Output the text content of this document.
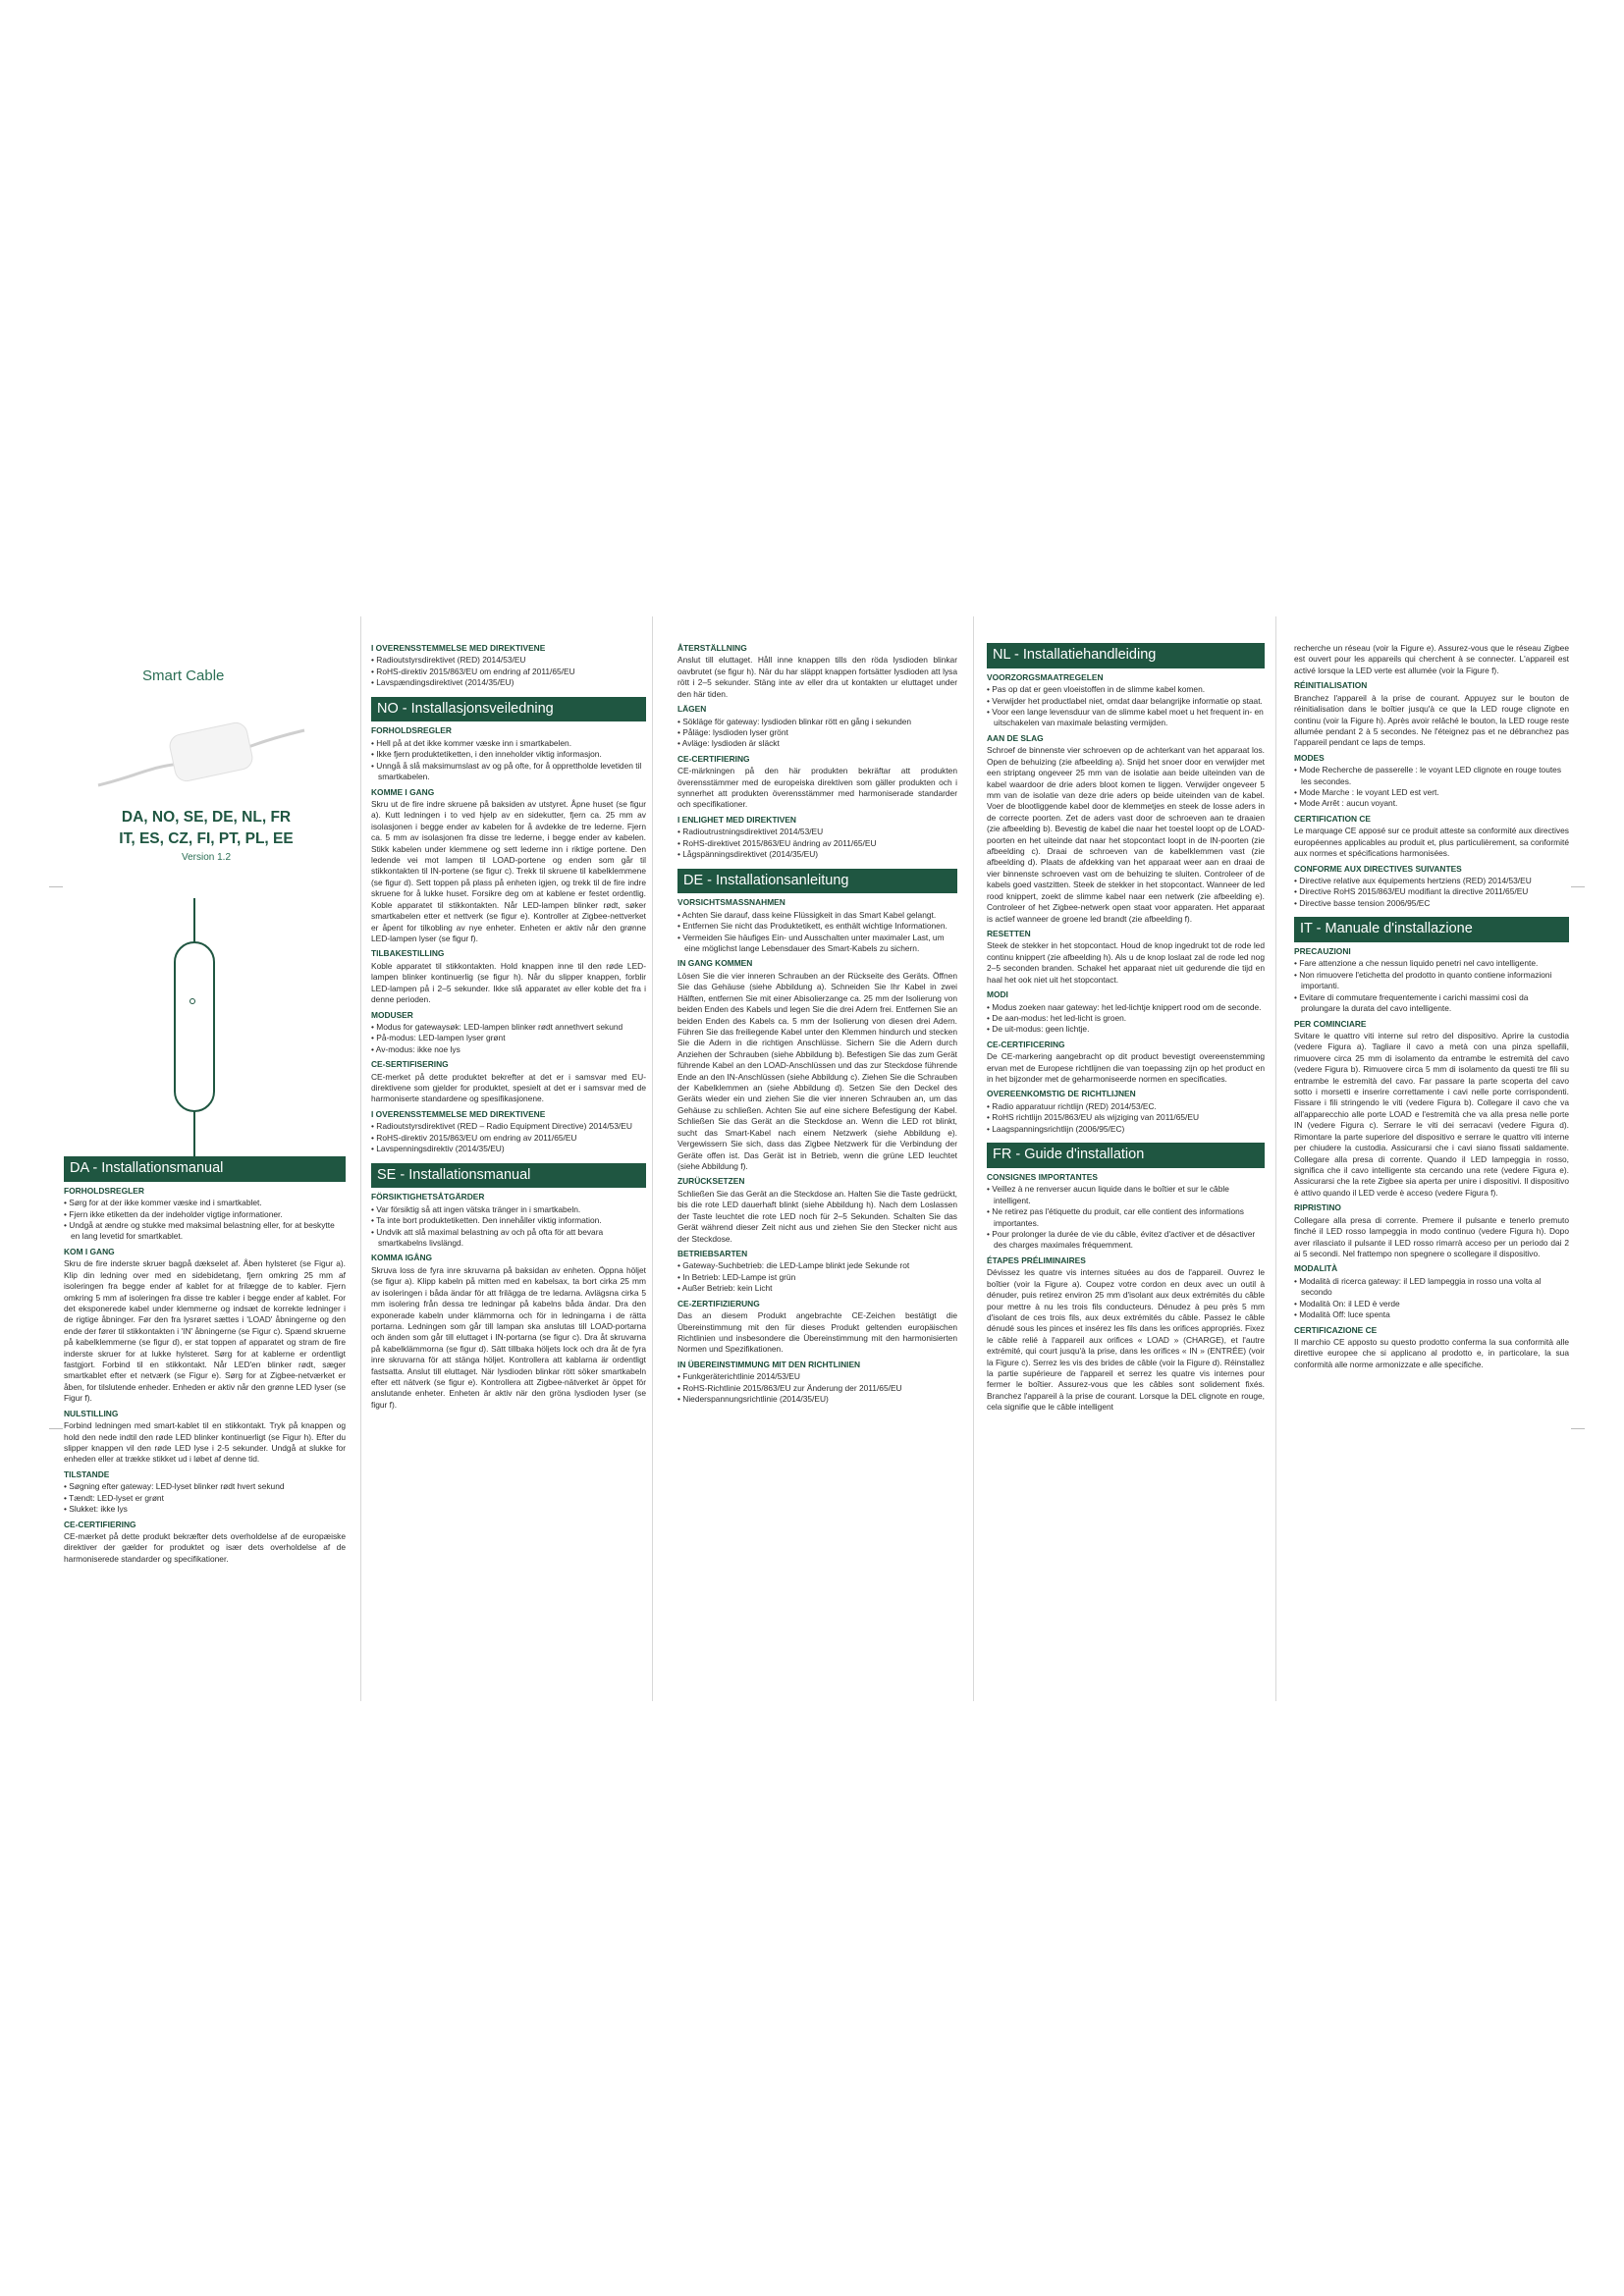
Smart Cable
DA, NO, SE, DE, NL, FR
IT, ES, CZ, FI, PT, PL, EE
Version 1.2
DA - Installationsmanual
FORHOLDSREGLER
• Sørg for at der ikke kommer væske ind i smartkablet.
• Fjern ikke etiketten da der indeholder vigtige informationer.
• Undgå at ændre og stukke med maksimal belastning eller, for at beskytte en lang levetid for smartkablet.
KOM I GANG

Skru de fire inderste skruer bagpå dækselet af. Åben hylsteret (se Figur a). Klip din ledning over med en sidebidetang, fjern omkring 25 mm af isoleringen fra begge ender af kablet for at frilægge de to kabler. Fjern omkring 5 mm af isoleringen fra disse tre kabler i begge ender af kablet. For det eksponerede kabel under klemmerne og indsæt de korrekte ledninger i de rigtige åbninger. Før den fra lysrøret sættes i 'LOAD' åbningerne og den ende der fører til stikkontakten i 'IN' åbningerne (se Figur c). Spænd skruerne på kabelklemmerne (se figur d), er stat toppen af apparatet og stram de fire inderste skruer for at lukke hylsteret. Sørg for at kablerne er ordentligt fastgjort. Forbind til en stikkontakt. Når LED'en blinker rødt, sæger smartkablet efter et netværk (se Figur e). Sørg for at Zigbee-netværket er åben, for tilslutende enheder. Enheden er aktiv når den grønne LED lyser (se Figur f).

NULSTILLING

Forbind ledningen med smart-kablet til en stikkontakt. Tryk på knappen og hold den nede indtil den røde LED blinker kontinuerligt (se Figur h). Efter du slipper knappen vil den røde LED lyse i 2-5 sekunder. Undgå at slukke for enheden eller at trække stikket ud i løbet af denne tid.

TILSTANDE
• Søgning efter gateway: LED-lyset blinker rødt hvert sekund
• Tændt: LED-lyset er grønt
• Slukket: ikke lys
CE-CERTIFIERING

CE-mærket på dette produkt bekræfter dets overholdelse af de europæiske direktiver der gælder for produktet og især dets overholdelse af de harmoniserede standarder og specifikationer.

I OVERENSSTEMMELSE MED DIREKTIVENE
• Radioutstyrsdirektivet (RED) 2014/53/EU
• RoHS-direktiv 2015/863/EU om endring af 2011/65/EU
• Lavspændingsdirektivet (2014/35/EU)
NO - Installasjonsveiledning
FORHOLDSREGLER
• Hell på at det ikke kommer væske inn i smartkabelen.
• Ikke fjern produktetiketten, i den inneholder viktig informasjon.
• Unngå å slå maksimumslast av og på ofte, for å opprettholde levetiden til smartkabelen.
KOMME I GANG

Skru ut de fire indre skruene på baksiden av utstyret. Åpne huset (se figur a). Kutt ledningen i to ved hjelp av en sidekutter, fjern ca. 25 mm av isolasjonen i begge ender av kabelen for å avdekke de tre lederne. Fjern ca. 5 mm av isolasjonen fra disse tre lederne, i begge ender av kabelen. Stikk kabelen under klemmene og sett lederne inn i riktige portene. Den ledende vei mot lampen til LOAD-portene og enden som går til stikkontakten til IN-portene (se figur c). Trekk til skruene til kabelklemmene (se figur d). Sett toppen på plass på enheten igjen, og trekk til de fire indre skruene for å lukke huset. Forsikre deg om at kablene er festet ordentlig. Koble apparatet til stikkontakten. Når LED-lampen blinker rødt, søker smartkabelen etter et nettverk (se figur e). Kontroller at Zigbee-nettverket er åpent for tilkobling av nye enheter. Enheten er aktiv når den grønne LED-lampen lyser (se figur f).

TILBAKESTILLING

Koble apparatet til stikkontakten. Hold knappen inne til den røde LED-lampen blinker kontinuerlig (se figur h). Når du slipper knappen, forblir LED-lampen på i 2–5 sekunder. Ikke slå apparatet av eller koble det fra i denne perioden.

MODUSER
• Modus for gatewaysøk: LED-lampen blinker rødt annethvert sekund
• På-modus: LED-lampen lyser grønt
• Av-modus: ikke noe lys
CE-SERTIFISERING

CE-merket på dette produktet bekrefter at det er i samsvar med EU-direktivene som gjelder for produktet, spesielt at det er i samsvar med de harmoniserte standardene og spesifikasjonene.

I OVERENSSTEMMELSE MED DIREKTIVENE
• Radioutstyrsdirektivet (RED – Radio Equipment Directive) 2014/53/EU
• RoHS-direktiv 2015/863/EU om endring av 2011/65/EU
• Lavspenningsdirektiv (2014/35/EU)
SE - Installationsmanual
FÖRSIKTIGHETSÅTGÄRDER
• Var försiktig så att ingen vätska tränger in i smartkabeln.
• Ta inte bort produktetiketten. Den innehåller viktig information.
• Undvik att slå maximal belastning av och på ofta för att bevara smartkabelns livslängd.
KOMMA IGÅNG

Skruva loss de fyra inre skruvarna på baksidan av enheten. Öppna höljet (se figur a). Klipp kabeln på mitten med en kabelsax, ta bort cirka 25 mm av isoleringen i båda ändar för att frilägga de tre ledarna. Avlägsna cirka 5 mm isolering från dessa tre ledningar på kabelns båda ändar. Dra den exponerade kabeln under klämmorna och för in ledningarna i de rätta portarna. Ledningen som går till lampan ska anslutas till LOAD-portarna och änden som går till eluttaget i IN-portarna (se figur c). Dra åt skruvarna på kabelklämmorna (se figur d). Sätt tillbaka höljets lock och dra åt de fyra inre skruvarna för att stänga höljet. Kontrollera att kablarna är ordentligt fastsatta. Anslut till eluttaget. När lysdioden blinkar rött söker smartkabeln efter ett nätverk (se figur e). Kontrollera att Zigbee-nätverket är öppet för anslutande enheter. Enheten är aktiv när den gröna lysdioden lyser (se figur f).

ÅTERSTÄLLNING

Anslut till eluttaget. Håll inne knappen tills den röda lysdioden blinkar oavbrutet (se figur h). När du har släppt knappen fortsätter lysdioden att lysa rött i 2–5 sekunder. Stäng inte av eller dra ut kontakten ur eluttaget under den här tiden.

LÄGEN
• Sökläge för gateway: lysdioden blinkar rött en gång i sekunden
• Påläge: lysdioden lyser grönt
• Avläge: lysdioden är släckt
CE-CERTIFIERING

CE-märkningen på den här produkten bekräftar att produkten överensstämmer med de europeiska direktiven som gäller produkten och i synnerhet att produkten överensstämmer med harmoniserade standarder och specifikationer.

I ENLIGHET MED DIREKTIVEN
• Radioutrustningsdirektivet 2014/53/EU
• RoHS-direktivet 2015/863/EU ändring av 2011/65/EU
• Lågspänningsdirektivet (2014/35/EU)
DE - Installationsanleitung
VORSICHTSMASSNAHMEN
• Achten Sie darauf, dass keine Flüssigkeit in das Smart Kabel gelangt.
• Entfernen Sie nicht das Produktetikett, es enthält wichtige Informationen.
• Vermeiden Sie häufiges Ein- und Ausschalten unter maximaler Last, um eine möglichst lange Lebensdauer des Smart-Kabels zu sichern.
IN GANG KOMMEN

Lösen Sie die vier inneren Schrauben an der Rückseite des Geräts. Öffnen Sie das Gehäuse (siehe Abbildung a). Schneiden Sie Ihr Kabel in zwei Hälften, entfernen Sie mit einer Abisolierzange ca. 25 mm der Isolierung von beiden Enden des Kabels und legen Sie die drei Adern frei. Entfernen Sie an beiden Enden des Kabels ca. 5 mm der Isolierung von diesen drei Adern. Führen Sie das freiliegende Kabel unter den Klemmen hindurch und stecken Sie die Adern in die richtigen Anschlüsse. Sichern Sie die Adern durch Anziehen der Schrauben (siehe Abbildung b). Befestigen Sie das zum Gerät führende Kabel an den LOAD-Anschlüssen und das zur Steckdose führende Ende an den IN-Anschlüssen (siehe Abbildung c). Ziehen Sie die Schrauben der Kabelklemmen an (siehe Abbildung d). Setzen Sie den Deckel des Geräts wieder ein und ziehen Sie die vier inneren Schrauben an, um das Gehäuse zu schließen. Achten Sie auf eine sichere Befestigung der Kabel. Schließen Sie das Gerät an die Steckdose an. Wenn die LED rot blinkt, sucht das Smart-Kabel nach einem Netzwerk (siehe Abbildung e). Vergewissern Sie sich, dass das Zigbee Netzwerk für die Verbindung der Geräte offen ist. Das Gerät ist in Betrieb, wenn die grüne LED leuchtet (siehe Abbildung f).

ZURÜCKSETZEN

Schließen Sie das Gerät an die Steckdose an. Halten Sie die Taste gedrückt, bis die rote LED dauerhaft blinkt (siehe Abbildung h). Nach dem Loslassen der Taste leuchtet die rote LED noch für 2–5 Sekunden. Schalten Sie das Gerät während dieser Zeit nicht aus und ziehen Sie den Stecker nicht aus der Steckdose.

BETRIEBSARTEN
• Gateway-Suchbetrieb: die LED-Lampe blinkt jede Sekunde rot
• In Betrieb: LED-Lampe ist grün
• Außer Betrieb: kein Licht
CE-ZERTIFIZIERUNG

Das an diesem Produkt angebrachte CE-Zeichen bestätigt die Übereinstimmung mit den für dieses Produkt geltenden europäischen Richtlinien und insbesondere die Übereinstimmung mit den harmonisierten Normen und Spezifikationen.

IN ÜBEREINSTIMMUNG MIT DEN RICHTLINIEN
• Funkgeräterichtlinie 2014/53/EU
• RoHS-Richtlinie 2015/863/EU zur Änderung der 2011/65/EU
• Niederspannungsrichtlinie (2014/35/EU)
NL - Installatiehandleiding
VOORZORGSMAATREGELEN
• Pas op dat er geen vloeistoffen in de slimme kabel komen.
• Verwijder het productlabel niet, omdat daar belangrijke informatie op staat.
• Voor een lange levensduur van de slimme kabel moet u het frequent in- en uitschakelen van maximale belasting vermijden.
AAN DE SLAG

Schroef de binnenste vier schroeven op de achterkant van het apparaat los. Open de behuizing (zie afbeelding a). Snijd het snoer door en verwijder met een striptang ongeveer 25 mm van de isolatie aan beide uiteinden van de kabel waardoor de drie aders bloot komen te liggen. Verwijder ongeveer 5 mm van de isolatie van deze drie aders op beide uiteinden van de kabel. Voer de blootliggende kabel door de klemmetjes en steek de losse aders in de correcte poorten. Zet de aders vast door de schroeven aan te draaien (zie afbeelding b). Bevestig de kabel die naar het toestel loopt op de LOAD-poorten en het uiteinde dat naar het stopcontact loopt in de IN-poorten (zie afbeelding c). Draai de schroeven van de kabelklemmen vast (zie afbeelding d). Plaats de afdekking van het apparaat weer aan en draai de vier binnenste schroeven vast om de behuizing te sluiten. Controleer of de kabels goed vastzitten. Steek de stekker in het stopcontact. Wanneer de led rood knippert, zoekt de slimme kabel naar een netwerk (zie afbeelding e). Controleer of het Zigbee-netwerk open staat voor apparaten. Het apparaat is actief wanneer de groene led brandt (zie afbeelding f).

RESETTEN

Steek de stekker in het stopcontact. Houd de knop ingedrukt tot de rode led continu knippert (zie afbeelding h). Als u de knop loslaat zal de rode led nog 2–5 seconden branden. Schakel het apparaat niet uit gedurende die tijd en haal het ook niet uit het stopcontact.

MODI
• Modus zoeken naar gateway: het led-lichtje knippert rood om de seconde.
• De aan-modus: het led-licht is groen.
• De uit-modus: geen lichtje.
CE-CERTIFICERING

De CE-markering aangebracht op dit product bevestigt overeenstemming ervan met de Europese richtlijnen die van toepassing zijn op het product en in het bijzonder met de geharmoniseerde normen en specificaties.

OVEREENKOMSTIG DE RICHTLIJNEN
• Radio apparatuur richtlijn (RED) 2014/53/EC.
• RoHS richtlijn 2015/863/EU als wijziging van 2011/65/EU
• Laagspanningsrichtlijn (2006/95/EC)
FR - Guide d'installation
CONSIGNES IMPORTANTES
• Veillez à ne renverser aucun liquide dans le boîtier et sur le câble intelligent.
• Ne retirez pas l'étiquette du produit, car elle contient des informations importantes.
• Pour prolonger la durée de vie du câble, évitez d'activer et de désactiver des charges maximales fréquemment.
ÉTAPES PRÉLIMINAIRES

Dévissez les quatre vis internes situées au dos de l'appareil. Ouvrez le boîtier (voir la Figure a). Coupez votre cordon en deux avec un outil à dénuder, puis retirez environ 25 mm d'isolant aux deux extrémités du câble pour mettre à nu les trois fils conducteurs. Dénudez à peu près 5 mm d'isolant de ces trois fils, aux deux extrémités du câble. Passez le câble dénudé sous les pinces et insérez les fils dans les orifices appropriés. Fixez le câble relié à l'appareil aux orifices « LOAD » (CHARGE), et l'autre extrémité, qui court jusqu'à la prise, dans les orifices « IN » (ENTRÉE) (voir la Figure c). Serrez les vis des brides de câble (voir la Figure d). Réinstallez la partie supérieure de l'appareil et serrez les quatre vis internes pour fermer le boîtier. Assurez-vous que les câbles sont solidement fixés. Branchez l'appareil à la prise de courant. Lorsque la DEL clignote en rouge, cela signifie que le câble intelligent

recherche un réseau (voir la Figure e). Assurez-vous que le réseau Zigbee est ouvert pour les appareils qui cherchent à se connecter. L'appareil est activé lorsque la LED verte est allumée (voir la Figure f).

RÉINITIALISATION

Branchez l'appareil à la prise de courant. Appuyez sur le bouton de réinitialisation dans le boîtier jusqu'à ce que la LED rouge clignote en continu (voir la Figure h). Après avoir relâché le bouton, la LED rouge reste allumée pendant 2 à 5 secondes. Ne l'éteignez pas et ne débranchez pas l'appareil pendant ce laps de temps.

MODES
• Mode Recherche de passerelle : le voyant LED clignote en rouge toutes les secondes.
• Mode Marche : le voyant LED est vert.
• Mode Arrêt : aucun voyant.
CERTIFICATION CE

Le marquage CE apposé sur ce produit atteste sa conformité aux directives européennes applicables au produit et, plus particulièrement, sa conformité aux normes et spécifications harmonisées.

CONFORME AUX DIRECTIVES SUIVANTES
• Directive relative aux équipements hertziens (RED) 2014/53/EU
• Directive RoHS 2015/863/EU modifiant la directive 2011/65/EU
• Directive basse tension 2006/95/EC
IT - Manuale d'installazione
PRECAUZIONI
• Fare attenzione a che nessun liquido penetri nel cavo intelligente.
• Non rimuovere l'etichetta del prodotto in quanto contiene informazioni importanti.
• Evitare di commutare frequentemente i carichi massimi così da prolungare la durata del cavo intelligente.
PER COMINCIARE

Svitare le quattro viti interne sul retro del dispositivo. Aprire la custodia (vedere Figura a). Tagliare il cavo a metà con una pinza spellafili, rimuovere circa 25 mm di isolamento da entrambe le estremità del cavo (vedere Figura b). Rimuovere circa 5 mm di isolamento da questi tre fili su entrambe le estremità del cavo. Far passare la parte scoperta del cavo sotto i morsetti e inserire correttamente i cavi nelle porte corrispondenti. Fissare i fili stringendo le viti (vedere Figura b). Collegare il cavo che va all'apparecchio alle porte LOAD e l'estremità che va alla presa nelle porte IN (vedere Figura c). Serrare le viti dei serracavi (vedere Figura d). Rimontare la parte superiore del dispositivo e serrare le quattro viti interne per chiudere la custodia. Assicurarsi che i cavi siano fissati saldamente. Collegare alla presa di corrente. Quando il LED lampeggia in rosso, significa che il cavo intelligente sta cercando una rete (vedere Figura e). Assicurarsi che la rete Zigbee sia aperta per unire i dispositivi. Il dispositivo è attivo quando il LED verde è acceso (vedere Figura f).

RIPRISTINO

Collegare alla presa di corrente. Premere il pulsante e tenerlo premuto finché il LED rosso lampeggia in modo continuo (vedere Figura h). Dopo aver rilasciato il pulsante il LED rosso rimarrà acceso per un periodo dai 2 ai 5 secondi. Nel frattempo non spegnere o scollegare il dispositivo.

MODALITÀ
• Modalità di ricerca gateway: il LED lampeggia in rosso una volta al secondo
• Modalità On: il LED è verde
• Modalità Off: luce spenta
CERTIFICAZIONE CE

Il marchio CE apposto su questo prodotto conferma la sua conformità alle direttive europee che si applicano al prodotto e, in particolare, la sua conformità alle norme armonizzate e alle specifiche.
